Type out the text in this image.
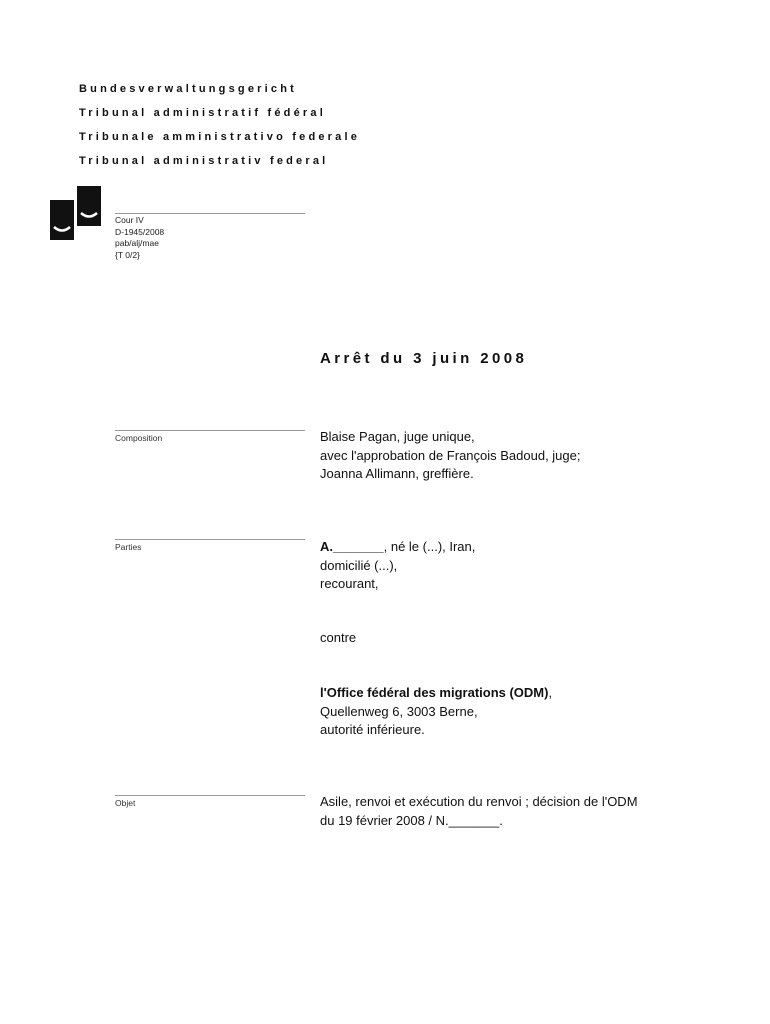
Bundesverwaltungsgericht
Tribunal administratif fédéral
Tribunale amministrativo federale
Tribunal administrativ federal
Cour IV
D-1945/2008
pab/alj/mae
{T 0/2}
Arrêt du 3 juin 2008
Composition	Blaise Pagan, juge unique,
avec l'approbation de François Badoud, juge;
Joanna Allimann, greffière.
Parties	A._______, né le (...), Iran,
domicilié (...),
recourant,
contre
l'Office fédéral des migrations (ODM),
Quellenweg 6, 3003 Berne,
autorité inférieure.
Objet	Asile, renvoi et exécution du renvoi ; décision de l'ODM
du 19 février 2008 / N._______.
